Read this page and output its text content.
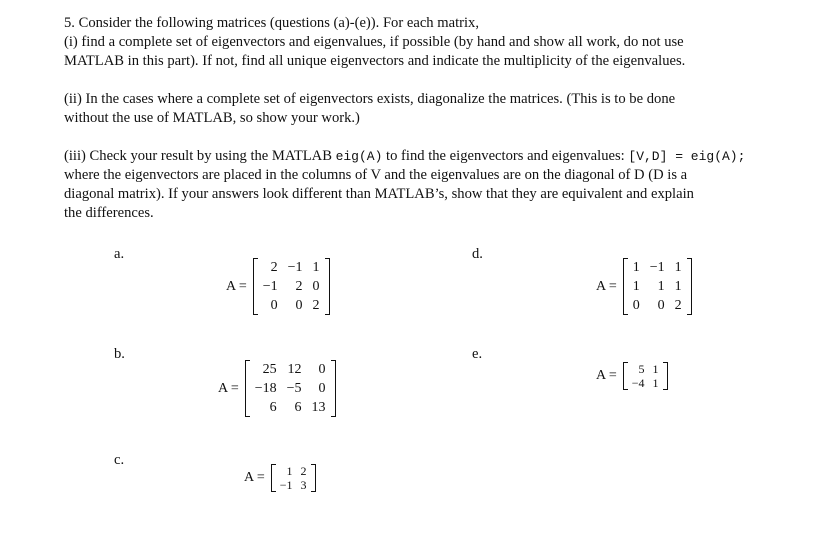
5. Consider the following matrices (questions (a)-(e)). For each matrix,
(i) find a complete set of eigenvectors and eigenvalues, if possible (by hand and show all work, do not use
MATLAB in this part). If not, find all unique eigenvectors and indicate the multiplicity of the eigenvalues.

(ii) In the cases where a complete set of eigenvectors exists, diagonalize the matrices. (This is to be done
without the use of MATLAB, so show your work.)

(iii) Check your result by using the MATLAB eig(A) to find the eigenvectors and eigenvalues: [V,D] = eig(A);
where the eigenvectors are placed in the columns of V and the eigenvalues are on the diagonal of D (D is a
diagonal matrix). If your answers look different than MATLAB’s, show that they are equivalent and explain
the differences.

a.
b.
c.
d.
e.
A =
2	−1	1
−1	2	0
0	0	2
A =
25	12	0
−18	−5	0
6	6	13
A = 1	2
−1	3
A =
1	−1	1
1	1	1
0	0	2
A = 5	1
−4	1
